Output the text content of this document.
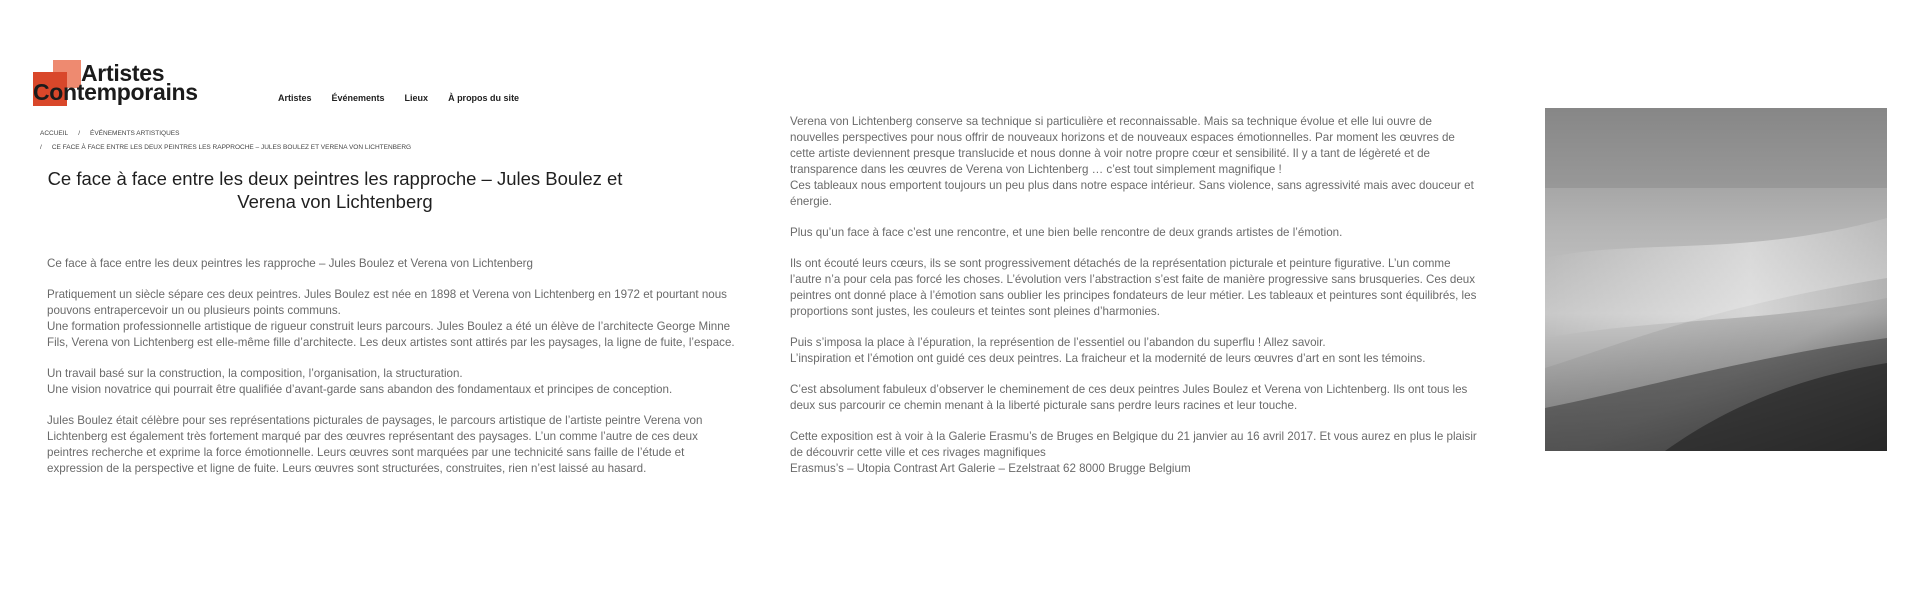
Artistes
Contemporains	Artistes Événements Lieux À propos du site
ACCUEIL / ÉVÉNEMENTS ARTISTIQUES
/ CE FACE À FACE ENTRE LES DEUX PEINTRES LES RAPPROCHE – JULES BOULEZ ET VERENA VON LICHTENBERG
Ce face à face entre les deux peintres les rapproche – Jules Boulez et Verena von Lichtenberg

Ce face à face entre les deux peintres les rapproche – Jules Boulez et Verena von Lichtenberg

Pratiquement un siècle sépare ces deux peintres. Jules Boulez est née en 1898 et Verena von Lichtenberg en 1972 et pourtant nous pouvons entrapercevoir un ou plusieurs points communs.
Une formation professionnelle artistique de rigueur construit leurs parcours. Jules Boulez a été un élève de l’architecte George Minne Fils, Verena von Lichtenberg est elle-même fille d’architecte. Les deux artistes sont attirés par les paysages, la ligne de fuite, l’espace.

Un travail basé sur la construction, la composition, l’organisation, la structuration.
Une vision novatrice qui pourrait être qualifiée d’avant-garde sans abandon des fondamentaux et principes de conception.

Jules Boulez était célèbre pour ses représentations picturales de paysages, le parcours artistique de l’artiste peintre Verena von Lichtenberg est également très fortement marqué par des œuvres représentant des paysages. L’un comme l’autre de ces deux peintres recherche et exprime la force émotionnelle. Leurs œuvres sont marquées par une technicité sans faille de l’étude et expression de la perspective et ligne de fuite. Leurs œuvres sont structurées, construites, rien n’est laissé au hasard.

Verena von Lichtenberg conserve sa technique si particulière et reconnaissable. Mais sa technique évolue et elle lui ouvre de nouvelles perspectives pour nous offrir de nouveaux horizons et de nouveaux espaces émotionnelles. Par moment les œuvres de cette artiste deviennent presque translucide et nous donne à voir notre propre cœur et sensibilité. Il y a tant de légèreté et de transparence dans les œuvres de Verena von Lichtenberg … c’est tout simplement magnifique !
Ces tableaux nous emportent toujours un peu plus dans notre espace intérieur. Sans violence, sans agressivité mais avec douceur et énergie.

Plus qu’un face à face c’est une rencontre, et une bien belle rencontre de deux grands artistes de l’émotion.

Ils ont écouté leurs cœurs, ils se sont progressivement détachés de la représentation picturale et peinture figurative. L’un comme l’autre n’a pour cela pas forcé les choses. L’évolution vers l’abstraction s’est faite de manière progressive sans brusqueries. Ces deux peintres ont donné place à l’émotion sans oublier les principes fondateurs de leur métier. Les tableaux et peintures sont équilibrés, les proportions sont justes, les couleurs et teintes sont pleines d’harmonies.

Puis s’imposa la place à l’épuration, la représention de l’essentiel ou l’abandon du superflu ! Allez savoir.
L’inspiration et l’émotion ont guidé ces deux peintres. La fraicheur et la modernité de leurs œuvres d’art en sont les témoins.

C’est absolument fabuleux d’observer le cheminement de ces deux peintres Jules Boulez et Verena von Lichtenberg. Ils ont tous les deux sus parcourir ce chemin menant à la liberté picturale sans perdre leurs racines et leur touche.

Cette exposition est à voir à la Galerie Erasmu’s de Bruges en Belgique du 21 janvier au 16 avril 2017. Et vous aurez en plus le plaisir de découvrir cette ville et ces rivages magnifiques
Erasmus’s – Utopia Contrast Art Galerie – Ezelstraat 62 8000 Brugge Belgium
